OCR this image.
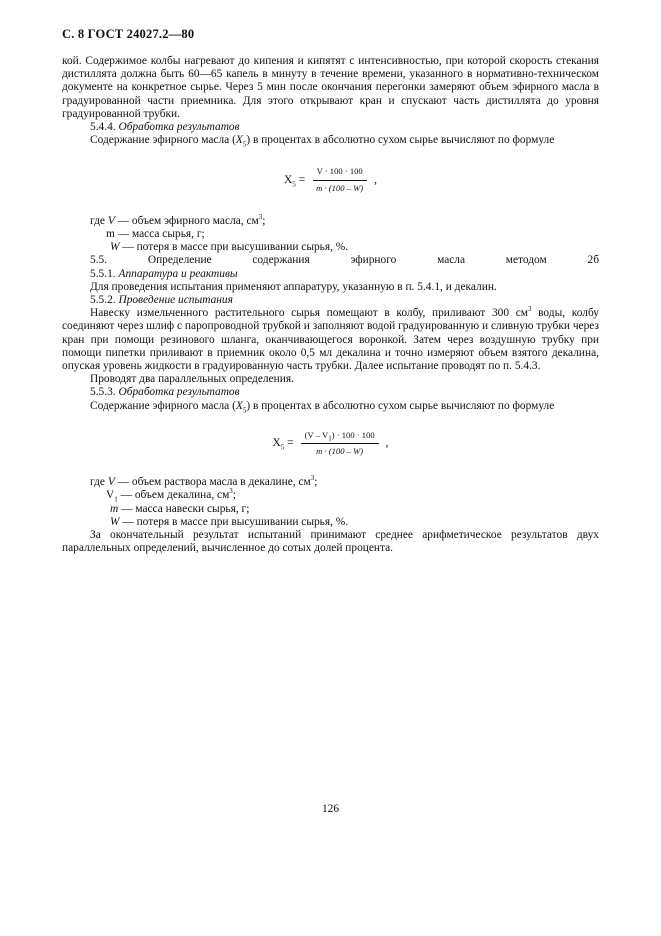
С. 8 ГОСТ 24027.2—80

кой. Содержимое колбы нагревают до кипения и кипятят с интенсивностью, при которой скорость стекания дистиллята должна быть 60—65 капель в минуту в течение времени, указанного в нормативно-техническом документе на конкретное сырье. Через 5 мин после окончания перегонки замеряют объем эфирного масла в градуированной части приемника. Для этого открывают кран и спускают часть дистиллята до уровня градуированной трубки.

5.4.4. Обработка результатов

Содержание эфирного масла $(X_5)$ в процентах в абсолютно сухом сырье вычисляют по формуле

$X_5 = \frac{V \cdot 100 \cdot 100}{m \cdot (100 - W)}$ ,

где V — объем эфирного масла, $см^3$;

m — масса сырья, г;

W — потеря в массе при высушивании сырья, %.

5.5.	Определение	содержания	эфирного	масла	методом	2б

5.5.1. Аппаратура и реактивы

Для проведения испытания применяют аппаратуру, указанную в п. 5.4.1, и декалин.

5.5.2. Проведение испытания

Навеску измельченного растительного сырья помещают в колбу, приливают 300 $см^3$ воды, колбу соединяют через шлиф с паропроводной трубкой и заполняют водой градуированную и сливную трубки через кран при помощи резинового шланга, оканчивающегося воронкой. Затем через воздушную трубку при помощи пипетки приливают в приемник около 0,5 мл декалина и точно измеряют объем взятого декалина, опуская уровень жидкости в градуированную часть трубки. Далее испытание проводят по п. 5.4.3.

Проводят два параллельных определения.

5.5.3. Обработка результатов

Содержание эфирного масла $(X_5)$ в процентах в абсолютно сухом сырье вычисляют по формуле

$X_5 = \frac{(V - V_1) \cdot 100 \cdot 100}{m \cdot (100 - W)}$ ,

где V — объем раствора масла в декалине, $см^3$;

$V_1$ — объем декалина, $см^3$;

m — масса навески сырья, г;

W — потеря в массе при высушивании сырья, %.

За окончательный результат испытаний принимают среднее арифметическое результатов двух параллельных определений, вычисленное до сотых долей процента.

126
